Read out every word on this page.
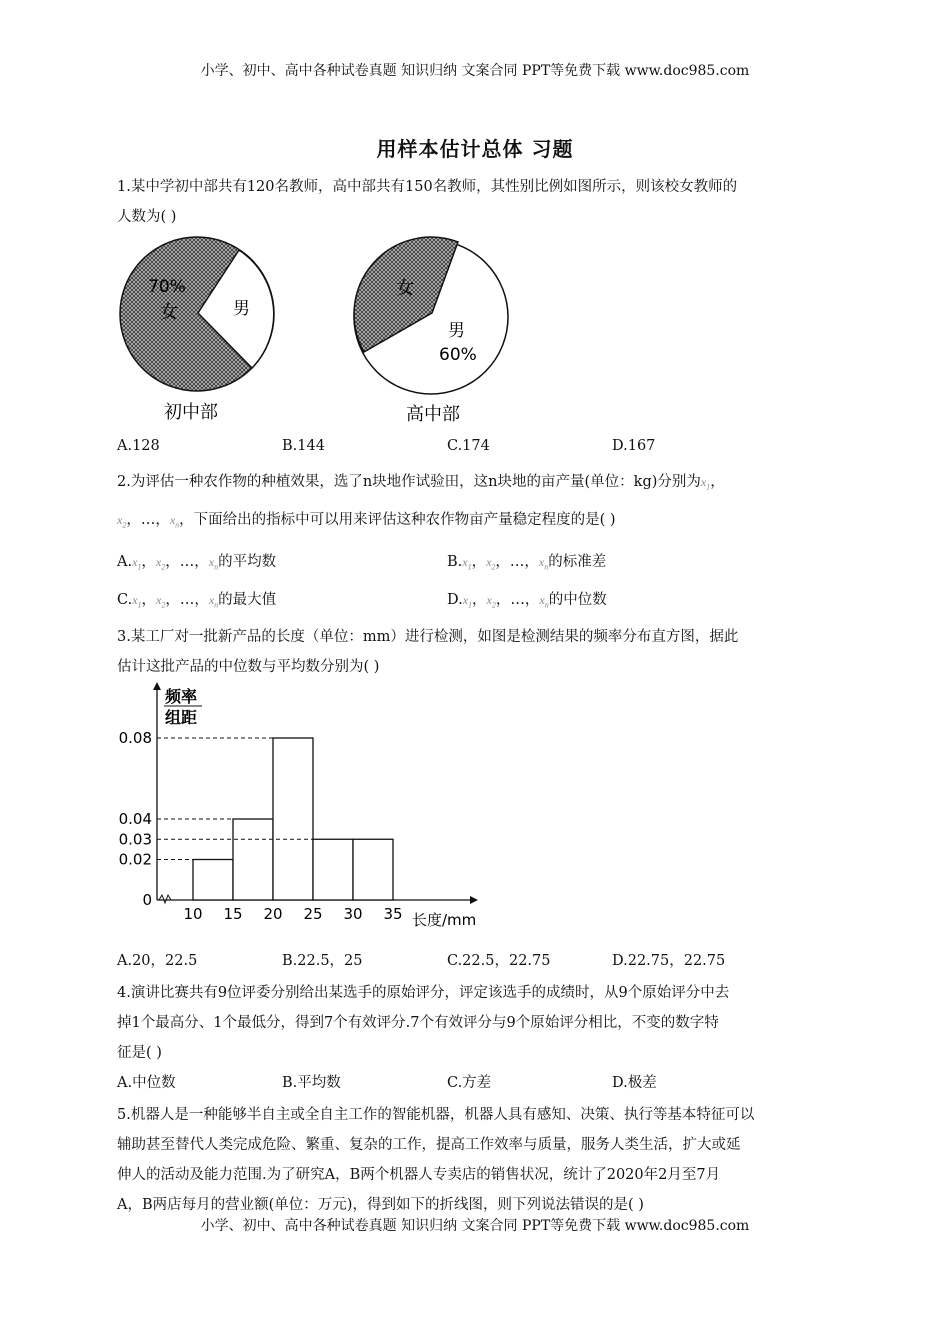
小学、初中、高中各种试卷真题 知识归纳 文案合同 PPT等免费下载 www.doc985.com
用样本估计总体 习题
1.某中学初中部共有120名教师，高中部共有150名教师，其性别比例如图所示，则该校女教师的
人数为( )
70%
女	男
初中部
女
男
60%
高中部
A.128	B.144	C.174	D.167
2.为评估一种农作物的种植效果，选了n块地作试验田，这n块地的亩产量(单位：kg)分别为$x_1$，
$x_2$，…，$x_n$，下面给出的指标中可以用来评估这种农作物亩产量稳定程度的是( )
$A.x_1$，$x_2$，…，$x_n$的平均数	$B.x_1$，$x_2$，…，$x_n$的标准差
$C.x_1$，$x_2$，…，$x_n$的最大值	$D.x_1$，$x_2$，…，$x_n$的中位数
3.某工厂对一批新产品的长度（单位：mm）进行检测，如图是检测结果的频率分布直方图，据此
估计这批产品的中位数与平均数分别为( )
0
0.02
0.03
0.04
0.08
10 15 20 25 30 35 长度/mm
频率
组距
A.20，22.5	B.22.5，25	C.22.5，22.75	D.22.75，22.75
4.演讲比赛共有9位评委分别给出某选手的原始评分，评定该选手的成绩时，从9个原始评分中去
掉1个最高分、1个最低分，得到7个有效评分.7个有效评分与9个原始评分相比，不变的数字特
征是( )
A.中位数	B.平均数	C.方差	D.极差
5.机器人是一种能够半自主或全自主工作的智能机器，机器人具有感知、决策、执行等基本特征可以
辅助甚至替代人类完成危险、繁重、复杂的工作，提高工作效率与质量，服务人类生活，扩大或延
伸人的活动及能力范围.为了研究A，B两个机器人专卖店的销售状况，统计了2020年2月至7月
A，B两店每月的营业额(单位：万元)，得到如下的折线图，则下列说法错误的是( )
小学、初中、高中各种试卷真题 知识归纳 文案合同 PPT等免费下载 www.doc985.com
